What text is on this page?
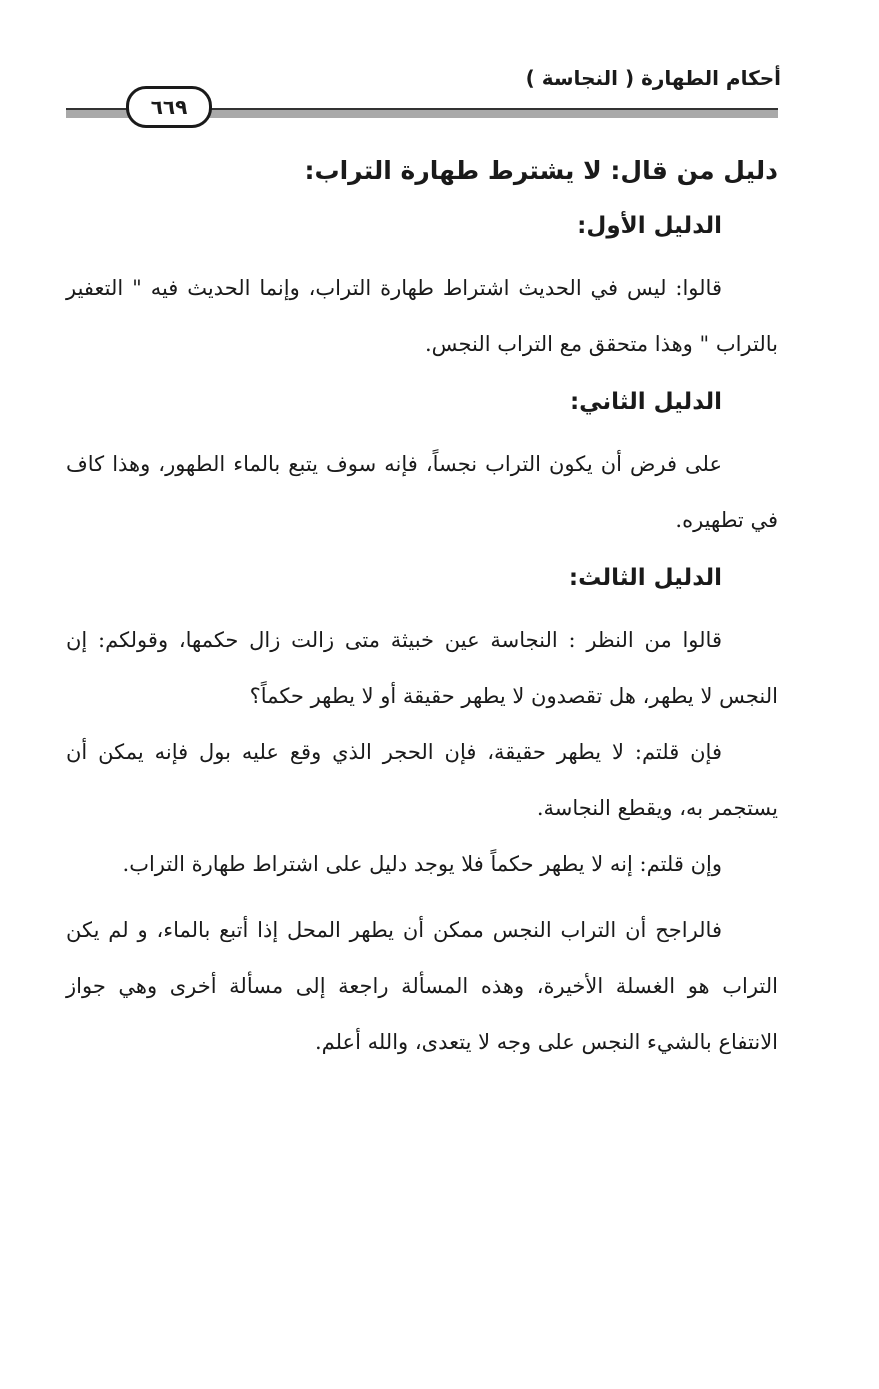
أحكام الطهارة ( النجاسة )
٦٦٩
دليل من قال: لا يشترط طهارة التراب:
الدليل الأول:

قالوا: ليس في الحديث اشتراط طهارة التراب، وإنما الحديث فيه " التعفير بالتراب " وهذا متحقق مع التراب النجس.

الدليل الثاني:

على فرض أن يكون التراب نجساً، فإنه سوف يتبع بالماء الطهور، وهذا كاف في تطهيره.

الدليل الثالث:

قالوا من النظر : النجاسة عين خبيثة متى زالت زال حكمها، وقولكم: إن النجس لا يطهر، هل تقصدون لا يطهر حقيقة أو لا يطهر حكماً؟

فإن قلتم: لا يطهر حقيقة، فإن الحجر الذي وقع عليه بول فإنه يمكن أن يستجمر به، ويقطع النجاسة.

وإن قلتم: إنه لا يطهر حكماً فلا يوجد دليل على اشتراط طهارة التراب.

فالراجح أن التراب النجس ممكن أن يطهر المحل إذا أتبع بالماء، و لم يكن التراب هو الغسلة الأخيرة، وهذه المسألة راجعة إلى مسألة أخرى وهي جواز الانتفاع بالشيء النجس على وجه لا يتعدى، والله أعلم.
